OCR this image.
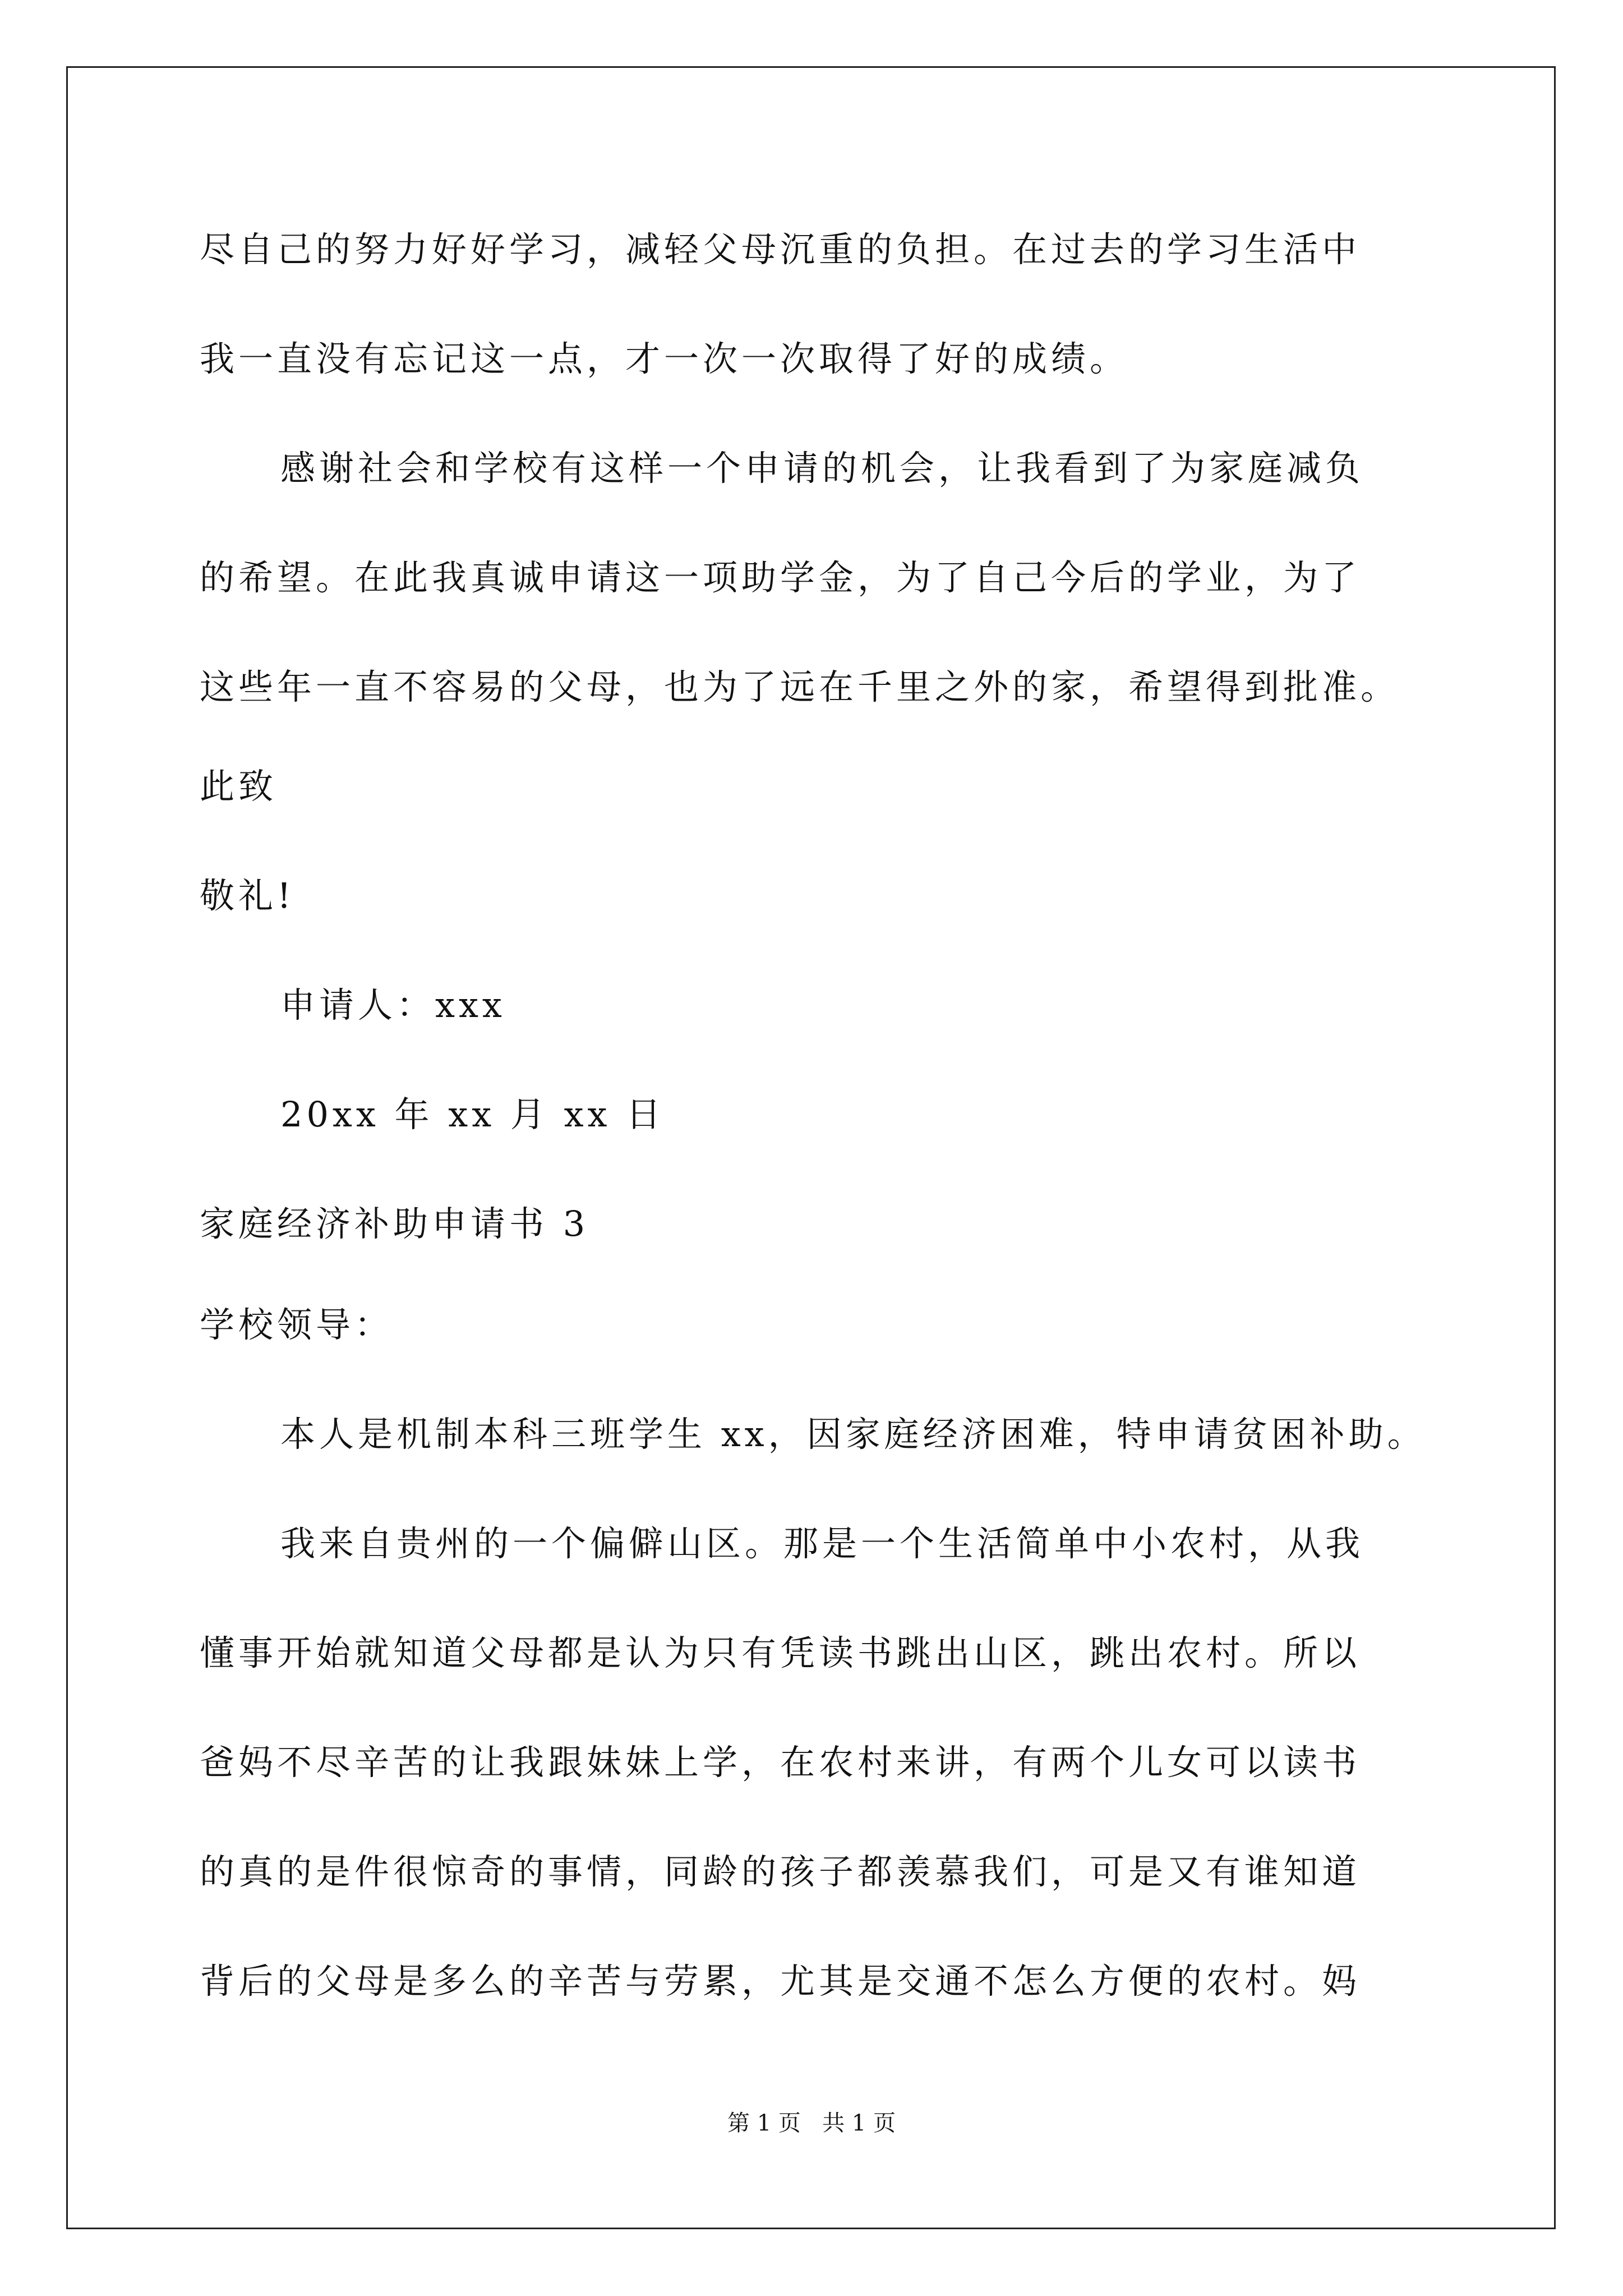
尽自己的努力好好学习，减轻父母沉重的负担。在过去的学习生活中
我一直没有忘记这一点，才一次一次取得了好的成绩。
感谢社会和学校有这样一个申请的机会，让我看到了为家庭减负
的希望。在此我真诚申请这一项助学金，为了自己今后的学业，为了
这些年一直不容易的父母，也为了远在千里之外的家，希望得到批准。
此致
敬礼!
申请人：xxx
20xx 年 xx 月 xx 日
家庭经济补助申请书 3
学校领导：
本人是机制本科三班学生 xx，因家庭经济困难，特申请贫困补助。
我来自贵州的一个偏僻山区。那是一个生活简单中小农村，从我
懂事开始就知道父母都是认为只有凭读书跳出山区，跳出农村。所以
爸妈不尽辛苦的让我跟妹妹上学，在农村来讲，有两个儿女可以读书
的真的是件很惊奇的事情，同龄的孩子都羡慕我们，可是又有谁知道
背后的父母是多么的辛苦与劳累，尤其是交通不怎么方便的农村。妈
第 1 页   共 1 页
